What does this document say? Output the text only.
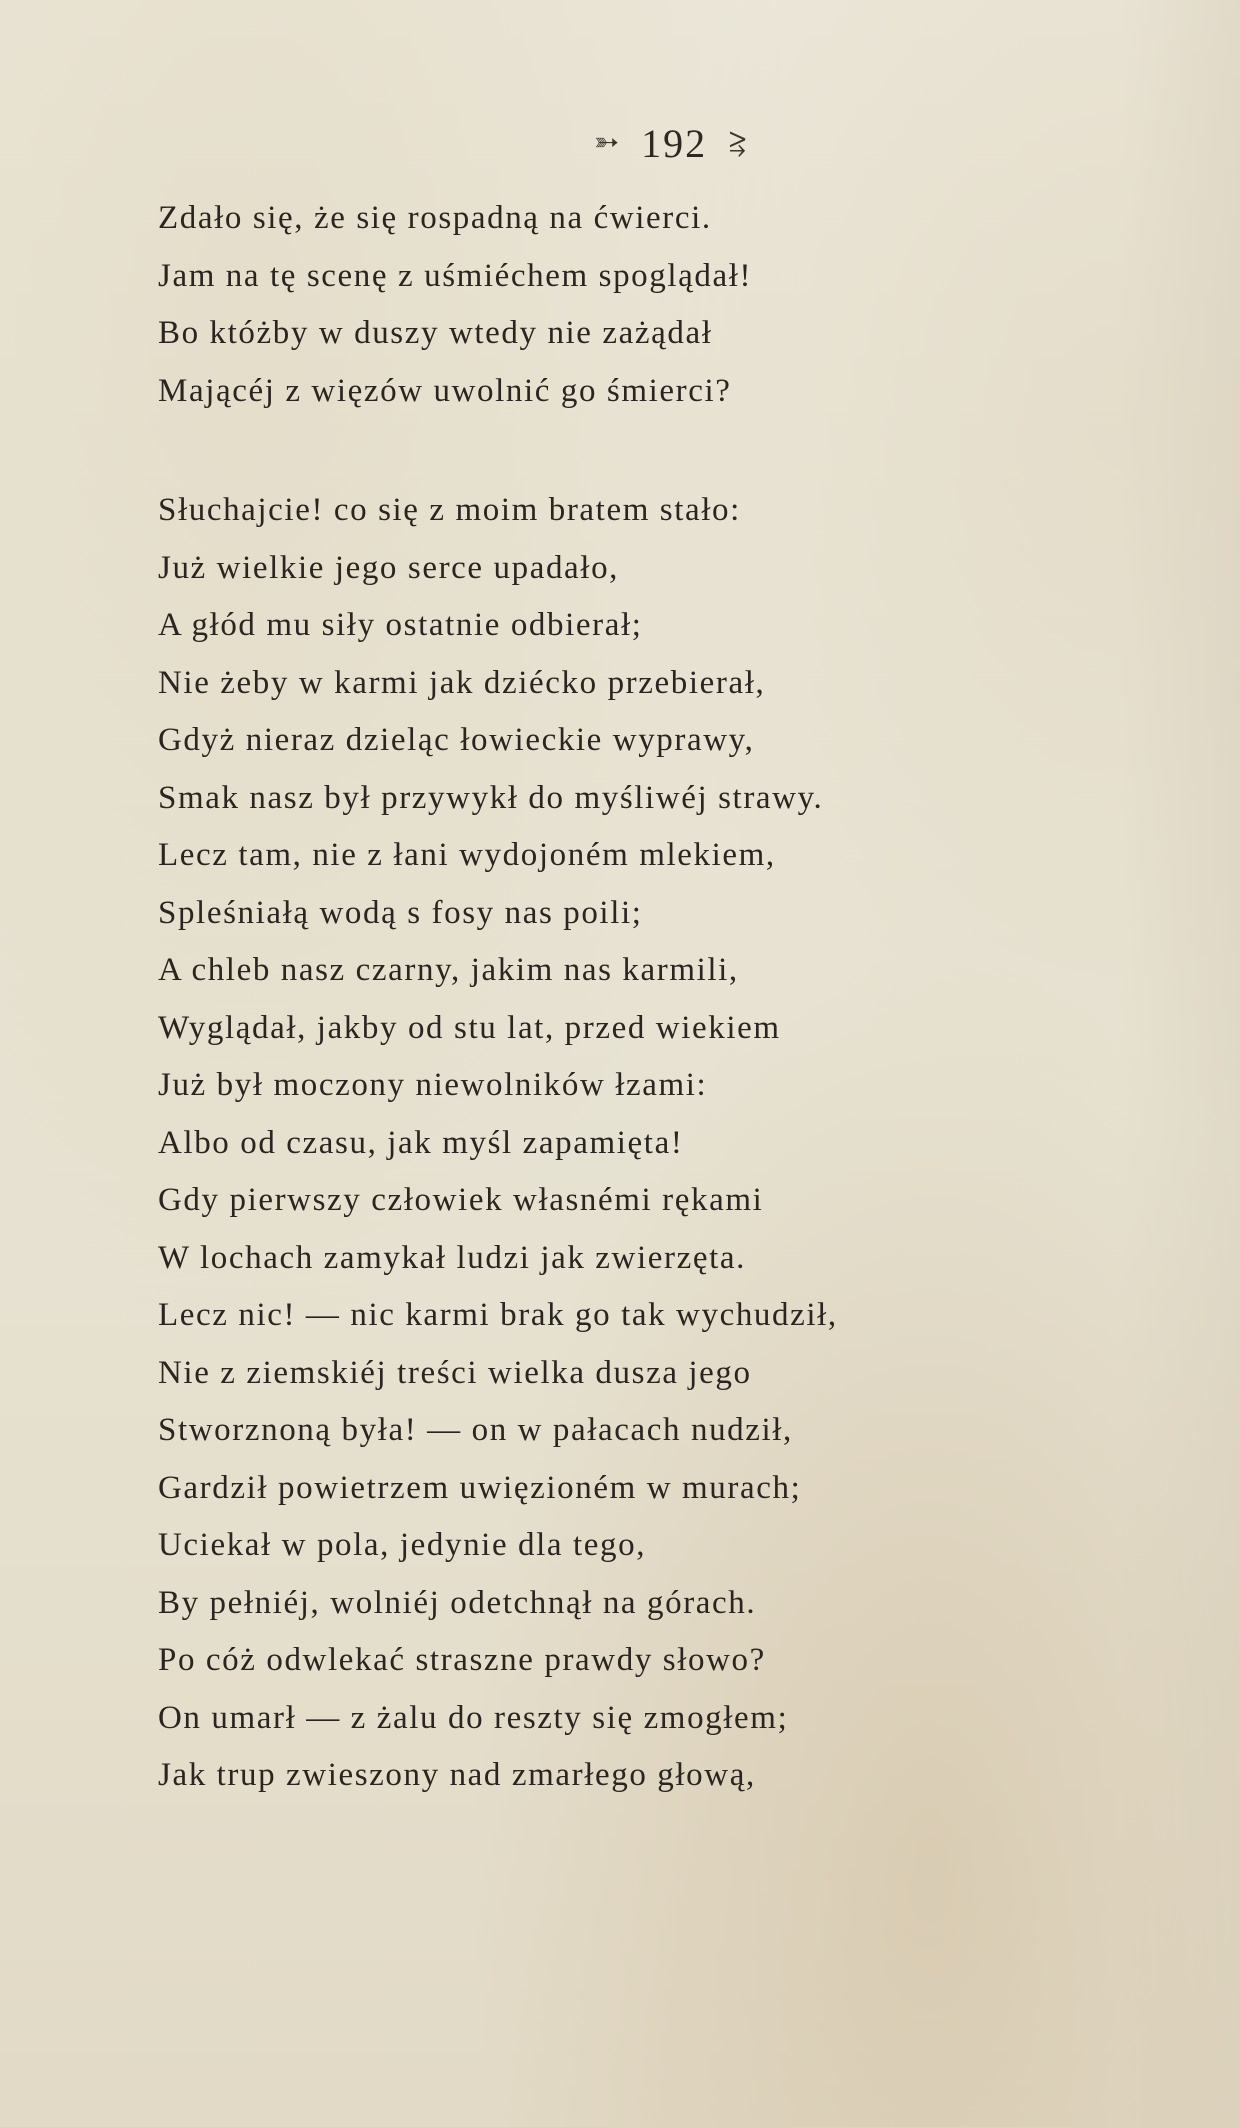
➳ 192 ⥸
Zdało się, że się rospadną na ćwierci.
Jam na tę scenę z uśmiéchem spoglądał!
Bo któżby w duszy wtedy nie zażądał
Mającéj z więzów uwolnić go śmierci?
Słuchajcie! co się z moim bratem stało:
Już wielkie jego serce upadało,
A głód mu siły ostatnie odbierał;
Nie żeby w karmi jak dziécko przebierał,
Gdyż nieraz dzieląc łowieckie wyprawy,
Smak nasz był przywykł do myśliwéj strawy.
Lecz tam, nie z łani wydojoném mlekiem,
Spleśniałą wodą s fosy nas poili;
A chleb nasz czarny, jakim nas karmili,
Wyglądał, jakby od stu lat, przed wiekiem
Już był moczony niewolników łzami:
Albo od czasu, jak myśl zapamięta!
Gdy pierwszy człowiek własnémi rękami
W lochach zamykał ludzi jak zwierzęta.
Lecz nic! — nic karmi brak go tak wychudził,
Nie z ziemskiéj treści wielka dusza jego
Stworznoną była! — on w pałacach nudził,
Gardził powietrzem uwięzioném w murach;
Uciekał w pola, jedynie dla tego,
By pełniéj, wolniéj odetchnął na górach.
Po cóż odwlekać straszne prawdy słowo?
On umarł — z żalu do reszty się zmogłem;
Jak trup zwieszony nad zmarłego głową,
